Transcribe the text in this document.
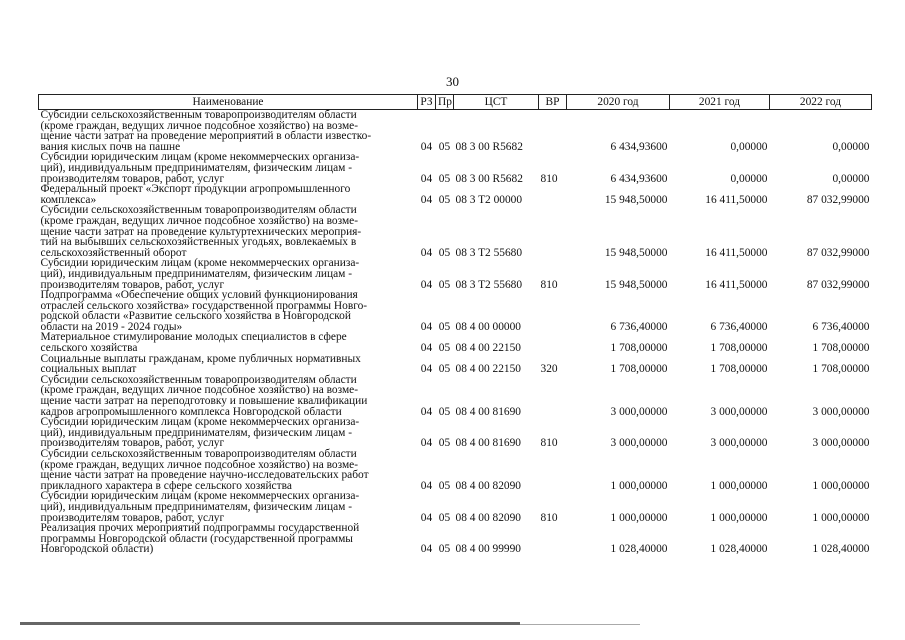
30
Наименование	РЗ	Пр	ЦСТ	ВР	2020 год	2021 год	2022 год

Субсидии сельскохозяйственным товаропроизводителям области
(кроме граждан, ведущих личное подсобное хозяйство) на возме-
щение части затрат на проведение мероприятий в области известко-
вания кислых почв на пашне	04	05	08 3 00 R5682		6 434,93600	0,00000	0,00000

Субсидии юридическим лицам (кроме некоммерческих организа-
ций), индивидуальным предпринимателям, физическим лицам -
производителям товаров, работ, услуг	04	05	08 3 00 R5682	810	6 434,93600	0,00000	0,00000

Федеральный проект «Экспорт продукции агропромышленного
комплекса»	04	05	08 3 T2 00000		15 948,50000	16 411,50000	87 032,99000

Субсидии сельскохозяйственным товаропроизводителям области
(кроме граждан, ведущих личное подсобное хозяйство) на возме-
щение части затрат на проведение культуртехнических мероприя-
тий на выбывших сельскохозяйственных угодьях, вовлекаемых в
сельскохозяйственный оборот	04	05	08 3 T2 55680		15 948,50000	16 411,50000	87 032,99000

Субсидии юридическим лицам (кроме некоммерческих организа-
ций), индивидуальным предпринимателям, физическим лицам -
производителям товаров, работ, услуг	04	05	08 3 T2 55680	810	15 948,50000	16 411,50000	87 032,99000

Подпрограмма «Обеспечение общих условий функционирования
отраслей сельского хозяйства» государственной программы Новго-
родской области «Развитие сельского хозяйства в Новгородской
области на 2019 - 2024 годы»	04	05	08 4 00 00000		6 736,40000	6 736,40000	6 736,40000

Материальное стимулирование молодых специалистов в сфере
сельского хозяйства	04	05	08 4 00 22150		1 708,00000	1 708,00000	1 708,00000

Социальные выплаты гражданам, кроме публичных нормативных
социальных выплат	04	05	08 4 00 22150	320	1 708,00000	1 708,00000	1 708,00000

Субсидии сельскохозяйственным товаропроизводителям области
(кроме граждан, ведущих личное подсобное хозяйство) на возме-
щение части затрат на переподготовку и повышение квалификации
кадров агропромышленного комплекса Новгородской области	04	05	08 4 00 81690		3 000,00000	3 000,00000	3 000,00000

Субсидии юридическим лицам (кроме некоммерческих организа-
ций), индивидуальным предпринимателям, физическим лицам -
производителям товаров, работ, услуг	04	05	08 4 00 81690	810	3 000,00000	3 000,00000	3 000,00000

Субсидии сельскохозяйственным товаропроизводителям области
(кроме граждан, ведущих личное подсобное хозяйство) на возме-
щение части затрат на проведение научно-исследовательских работ
прикладного характера в сфере сельского хозяйства	04	05	08 4 00 82090		1 000,00000	1 000,00000	1 000,00000

Субсидии юридическим лицам (кроме некоммерческих организа-
ций), индивидуальным предпринимателям, физическим лицам -
производителям товаров, работ, услуг	04	05	08 4 00 82090	810	1 000,00000	1 000,00000	1 000,00000

Реализация прочих мероприятий подпрограммы государственной
программы Новгородской области (государственной программы
Новгородской области)	04	05	08 4 00 99990		1 028,40000	1 028,40000	1 028,40000
